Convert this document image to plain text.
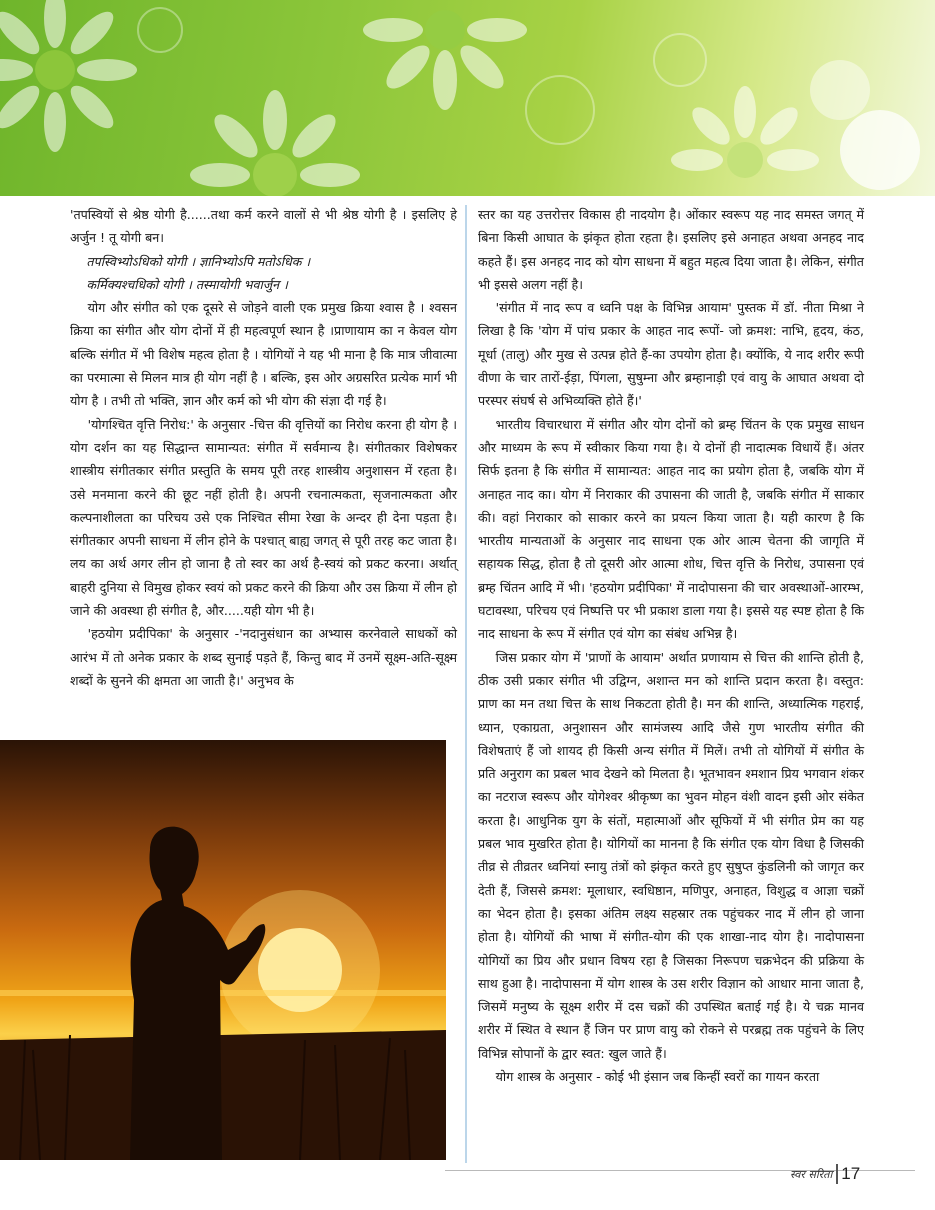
'तपस्वियों से श्रेष्ठ योगी है......तथा कर्म करने वालों से भी श्रेष्ठ योगी है । इसलिए हे अर्जुन ! तू योगी बन।

तपस्विभ्योऽधिको योगी । ज्ञानिभ्योऽपि मतोऽधिक ।

कर्मिक्यश्चधिको योगी । तस्मायोगी भवार्जुन ।

योग और संगीत को एक दूसरे से जोड़ने वाली एक प्रमुख क्रिया श्वास है । श्वसन क्रिया का संगीत और योग दोनों में ही महत्वपूर्ण स्थान है ।प्राणायाम का न केवल योग बल्कि संगीत में भी विशेष महत्व होता है । योगियों ने यह भी माना है कि मात्र जीवात्मा का परमात्मा से मिलन मात्र ही योग नहीं है । बल्कि, इस ओर अग्रसरित प्रत्येक मार्ग भी योग है । तभी तो भक्ति, ज्ञान और कर्म को भी योग की संज्ञा दी गई है।

'योगश्चित वृत्ति निरोध:' के अनुसार -चित्त की वृत्तियों का निरोध करना ही योग है । योग दर्शन का यह सिद्धान्त सामान्यत: संगीत में सर्वमान्य है। संगीतकार विशेषकर शास्त्रीय संगीतकार संगीत प्रस्तुति के समय पूरी तरह शास्त्रीय अनुशासन में रहता है। उसे मनमाना करने की छूट नहीं होती है। अपनी रचनात्मकता, सृजनात्मकता और कल्पनाशीलता का परिचय उसे एक निश्चित सीमा रेखा के अन्दर ही देना पड़ता है। संगीतकार अपनी साधना में लीन होने के पश्चात् बाह्य जगत् से पूरी तरह कट जाता है। लय का अर्थ अगर लीन हो जाना है तो स्वर का अर्थ है-स्वयं को प्रकट करना। अर्थात् बाहरी दुनिया से विमुख होकर स्वयं को प्रकट करने की क्रिया और उस क्रिया में लीन हो जाने की अवस्था ही संगीत है, और.....यही योग भी है।

'हठयोग प्रदीपिका' के अनुसार -'नदानुसंधान का अभ्यास करनेवाले साधकों को आरंभ में तो अनेक प्रकार के शब्द सुनाई पड़ते हैं, किन्तु बाद में उनमें सूक्ष्म-अति-सूक्ष्म शब्दों के सुनने की क्षमता आ जाती है।' अनुभव के

स्तर का यह उत्तरोत्तर विकास ही नादयोग है। ओंकार स्वरूप यह नाद समस्त जगत् में बिना किसी आघात के झंकृत होता रहता है। इसलिए इसे अनाहत अथवा अनहद नाद कहते हैं। इस अनहद नाद को योग साधना में बहुत महत्व दिया जाता है। लेकिन, संगीत भी इससे अलग नहीं है।

'संगीत में नाद रूप व ध्वनि पक्ष के विभिन्न आयाम' पुस्तक में डॉ. नीता मिश्रा ने लिखा है कि 'योग में पांच प्रकार के आहत नाद रूपों- जो क्रमश: नाभि, हृदय, कंठ, मूर्धा (तालु) और मुख से उत्पन्न होते हैं-का उपयोग होता है। क्योंकि, ये नाद शरीर रूपी वीणा के चार तारों-ईड़ा, पिंगला, सुषुम्ना और ब्रम्हानाड़ी एवं वायु के आघात अथवा दो परस्पर संघर्ष से अभिव्यक्ति होते हैं।'

भारतीय विचारधारा में संगीत और योग दोनों को ब्रम्ह चिंतन के एक प्रमुख साधन और माध्यम के रूप में स्वीकार किया गया है। ये दोनों ही नादात्मक विधायें हैं। अंतर सिर्फ इतना है कि संगीत में सामान्यत: आहत नाद का प्रयोग होता है, जबकि योग में अनाहत नाद का। योग में निराकार की उपासना की जाती है, जबकि संगीत में साकार की। वहां निराकार को साकार करने का प्रयत्न किया जाता है। यही कारण है कि भारतीय मान्यताओं के अनुसार नाद साधना एक ओर आत्म चेतना की जागृति में सहायक सिद्ध, होता है तो दूसरी ओर आत्मा शोध, चित्त वृत्ति के निरोध, उपासना एवं ब्रम्ह चिंतन आदि में भी। 'हठयोग प्रदीपिका' में नादोपासना की चार अवस्थाओं-आरम्भ, घटावस्था, परिचय एवं निष्पत्ति पर भी प्रकाश डाला गया है। इससे यह स्पष्ट होता है कि नाद साधना के रूप में संगीत एवं योग का संबंध अभिन्न है।

जिस प्रकार योग में 'प्राणों के आयाम' अर्थात प्रणायाम से चित्त की शान्ति होती है, ठीक उसी प्रकार संगीत भी उद्विग्न, अशान्त मन को शान्ति प्रदान करता है। वस्तुत: प्राण का मन तथा चित्त के साथ निकटता होती है। मन की शान्ति, अध्यात्मिक गहराई, ध्यान, एकाग्रता, अनुशासन और सामंजस्य आदि जैसे गुण भारतीय संगीत की विशेषताएं हैं जो शायद ही किसी अन्य संगीत में मिलें। तभी तो योगियों में संगीत के प्रति अनुराग का प्रबल भाव देखने को मिलता है। भूतभावन श्मशान प्रिय भगवान शंकर का नटराज स्वरूप और योगेश्वर श्रीकृष्ण का भुवन मोहन वंशी वादन इसी ओर संकेत करता है। आधुनिक युग के संतों, महात्माओं और सूफियों में भी संगीत प्रेम का यह प्रबल भाव मुखरित होता है। योगियों का मानना है कि संगीत एक योग विधा है जिसकी तीव्र से तीव्रतर ध्वनियां स्नायु तंत्रों को झंकृत करते हुए सुषुप्त कुंडलिनी को जागृत कर देती हैं, जिससे क्रमश: मूलाधार, स्वधिष्ठान, मणिपुर, अनाहत, विशुद्ध व आज्ञा चक्रों का भेदन होता है। इसका अंतिम लक्ष्य सहस्रार तक पहुंचकर नाद में लीन हो जाना होता है। योगियों की भाषा में संगीत-योग की एक शाखा-नाद योग है। नादोपासना योगियों का प्रिय और प्रधान विषय रहा है जिसका निरूपण चक्रभेदन की प्रक्रिया के साथ हुआ है। नादोपासना में योग शास्त्र के उस शरीर विज्ञान को आधार माना जाता है, जिसमें मनुष्य के सूक्ष्म शरीर में दस चक्रों की उपस्थित बताई गई है। ये चक्र मानव शरीर में स्थित वे स्थान हैं जिन पर प्राण वायु को रोकने से परब्रह्म तक पहुंचने के लिए विभिन्न सोपानों के द्वार स्वत: खुल जाते हैं।

योग शास्त्र के अनुसार - कोई भी इंसान जब किन्हीं स्वरों का गायन करता

स्वर सरिता 17
